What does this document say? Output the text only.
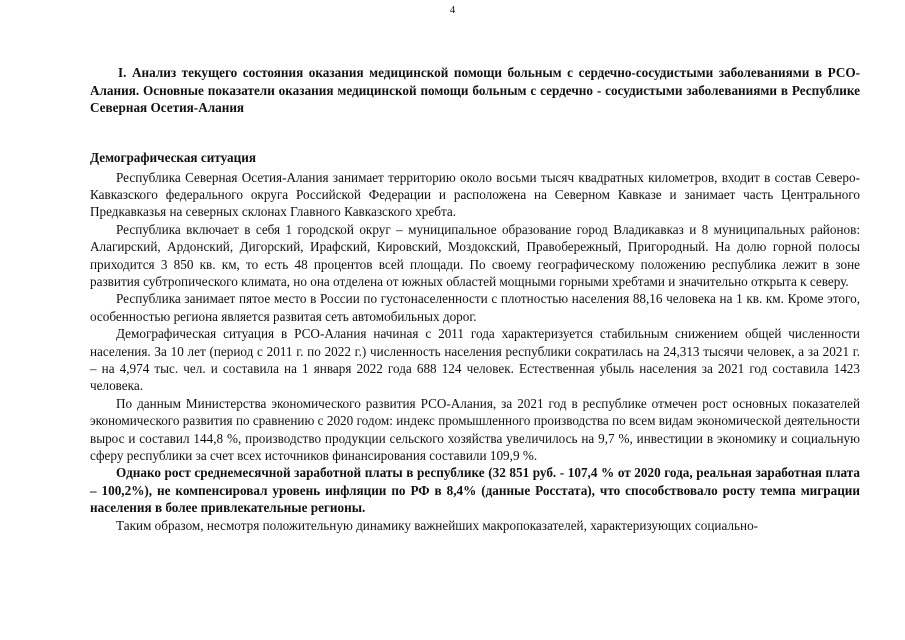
4

I. Анализ текущего состояния оказания медицинской помощи больным с сердечно-сосудистыми заболеваниями в РСО-Алания. Основные показатели оказания медицинской помощи больным с сердечно - сосудистыми заболеваниями в Республике Северная Осетия-Алания

Демографическая ситуация

Республика Северная Осетия-Алания занимает территорию около восьми тысяч квадратных километров, входит в состав Северо-Кавказского федерального округа Российской Федерации и расположена на Северном Кавказе и занимает часть Центрального Предкавказья на северных склонах Главного Кавказского хребта.

Республика включает в себя 1 городской округ – муниципальное образование город Владикавказ и 8 муниципальных районов: Алагирский, Ардонский, Дигорский, Ирафский, Кировский, Моздокский, Правобережный, Пригородный. На долю горной полосы приходится 3 850 кв. км, то есть 48 процентов всей площади. По своему географическому положению республика лежит в зоне развития субтропического климата, но она отделена от южных областей мощными горными хребтами и значительно открыта к северу.

Республика занимает пятое место в России по густонаселенности с плотностью населения 88,16 человека на 1 кв. км. Кроме этого, особенностью региона является развитая сеть автомобильных дорог.

Демографическая ситуация в РСО-Алания начиная с 2011 года характеризуется стабильным снижением общей численности населения. За 10 лет (период с 2011 г. по 2022 г.) численность населения республики сократилась на 24,313 тысячи человек, а за 2021 г. – на 4,974 тыс. чел. и составила на 1 января 2022 года 688 124 человек. Естественная убыль населения за 2021 год составила 1423 человека.

По данным Министерства экономического развития РСО-Алания, за 2021 год в республике отмечен рост основных показателей экономического развития по сравнению с 2020 годом: индекс промышленного производства по всем видам экономической деятельности вырос и составил 144,8 %, производство продукции сельского хозяйства увеличилось на 9,7 %, инвестиции в экономику и социальную сферу республики за счет всех источников финансирования составили 109,9 %.

Однако рост среднемесячной заработной платы в республике (32 851 руб. - 107,4 % от 2020 года, реальная заработная плата – 100,2%), не компенсировал уровень инфляции по РФ в 8,4% (данные Росстата), что способствовало росту темпа миграции населения в более привлекательные регионы.

Таким образом, несмотря положительную динамику важнейших макропоказателей, характеризующих социально-
